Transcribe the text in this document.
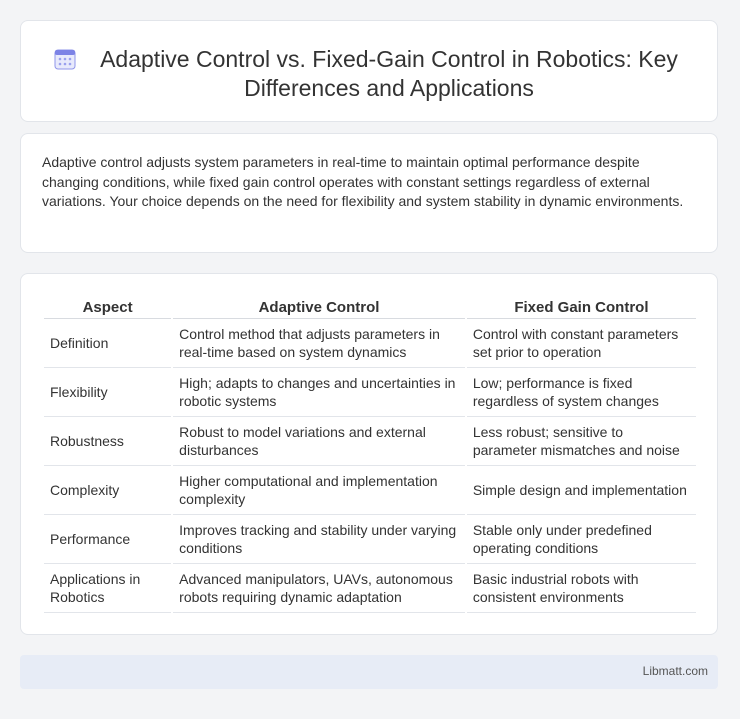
Adaptive Control vs. Fixed-Gain Control in Robotics: Key Differences and Applications

Adaptive control adjusts system parameters in real-time to maintain optimal performance despite changing conditions, while fixed gain control operates with constant settings regardless of external variations. Your choice depends on the need for flexibility and system stability in dynamic environments.

Aspect	Adaptive Control	Fixed Gain Control
Definition	Control method that adjusts parameters in real-time based on system dynamics	Control with constant parameters set prior to operation
Flexibility	High; adapts to changes and uncertainties in robotic systems	Low; performance is fixed regardless of system changes
Robustness	Robust to model variations and external disturbances	Less robust; sensitive to parameter mismatches and noise
Complexity	Higher computational and implementation complexity	Simple design and implementation
Performance	Improves tracking and stability under varying conditions	Stable only under predefined operating conditions
Applications in Robotics	Advanced manipulators, UAVs, autonomous robots requiring dynamic adaptation	Basic industrial robots with consistent environments
Libmatt.com
